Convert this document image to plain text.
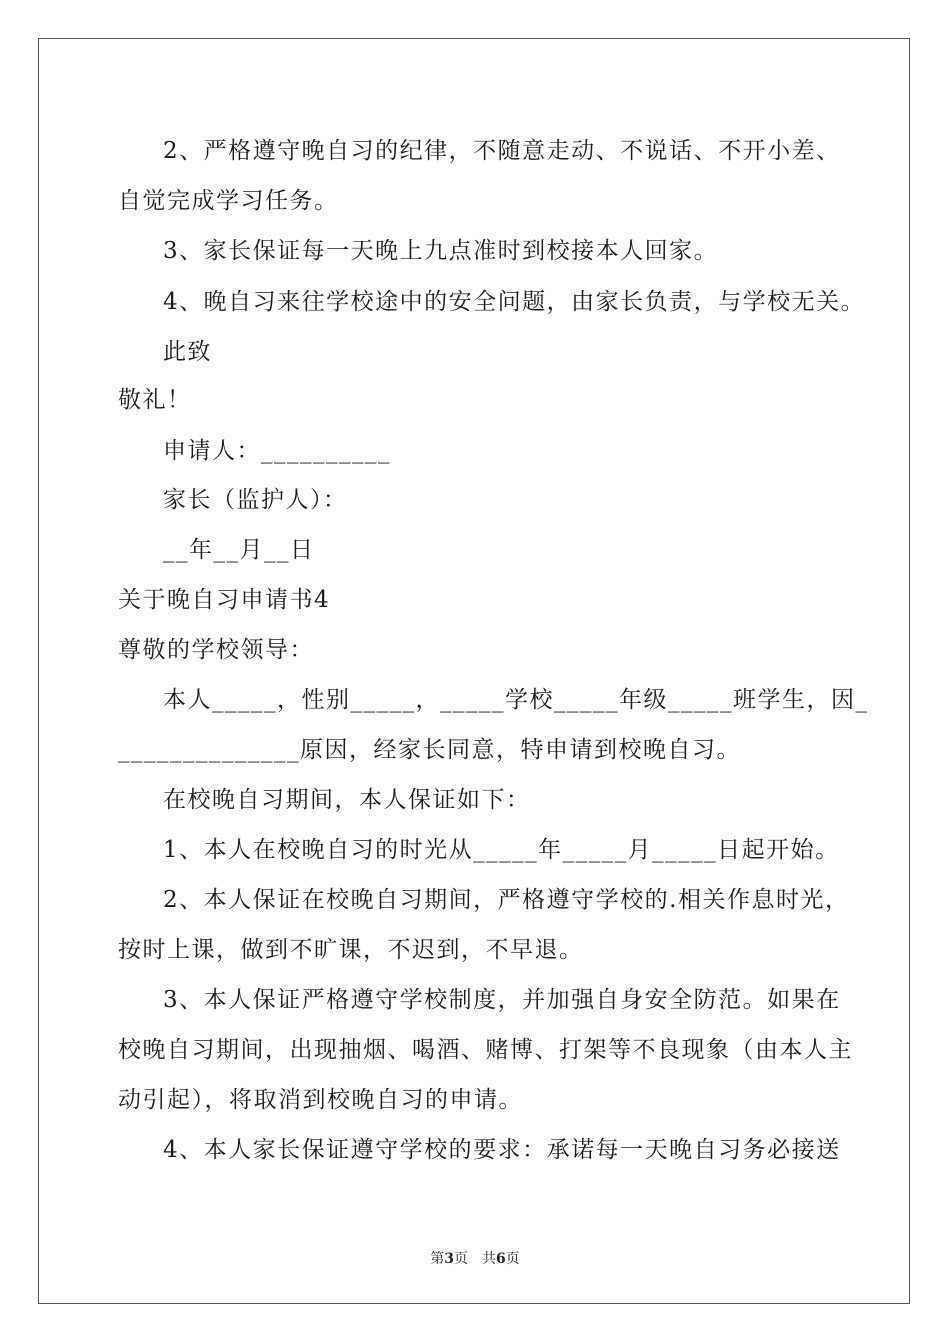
2、严格遵守晚自习的纪律，不随意走动、不说话、不开小差、
自觉完成学习任务。
3、家长保证每一天晚上九点准时到校接本人回家。
4、晚自习来往学校途中的安全问题，由家长负责，与学校无关。
此致
敬礼！
申请人：__________
家长（监护人）：
__年__月__日
关于晚自习申请书4
尊敬的学校领导：
本人_____，性别_____，_____学校_____年级_____班学生，因_
______________原因，经家长同意，特申请到校晚自习。
在校晚自习期间，本人保证如下：
1、本人在校晚自习的时光从_____年_____月_____日起开始。
2、本人保证在校晚自习期间，严格遵守学校的.相关作息时光，
按时上课，做到不旷课，不迟到，不早退。
3、本人保证严格遵守学校制度，并加强自身安全防范。如果在
校晚自习期间，出现抽烟、喝酒、赌博、打架等不良现象（由本人主
动引起），将取消到校晚自习的申请。
4、本人家长保证遵守学校的要求：承诺每一天晚自习务必接送
第3页　共6页
